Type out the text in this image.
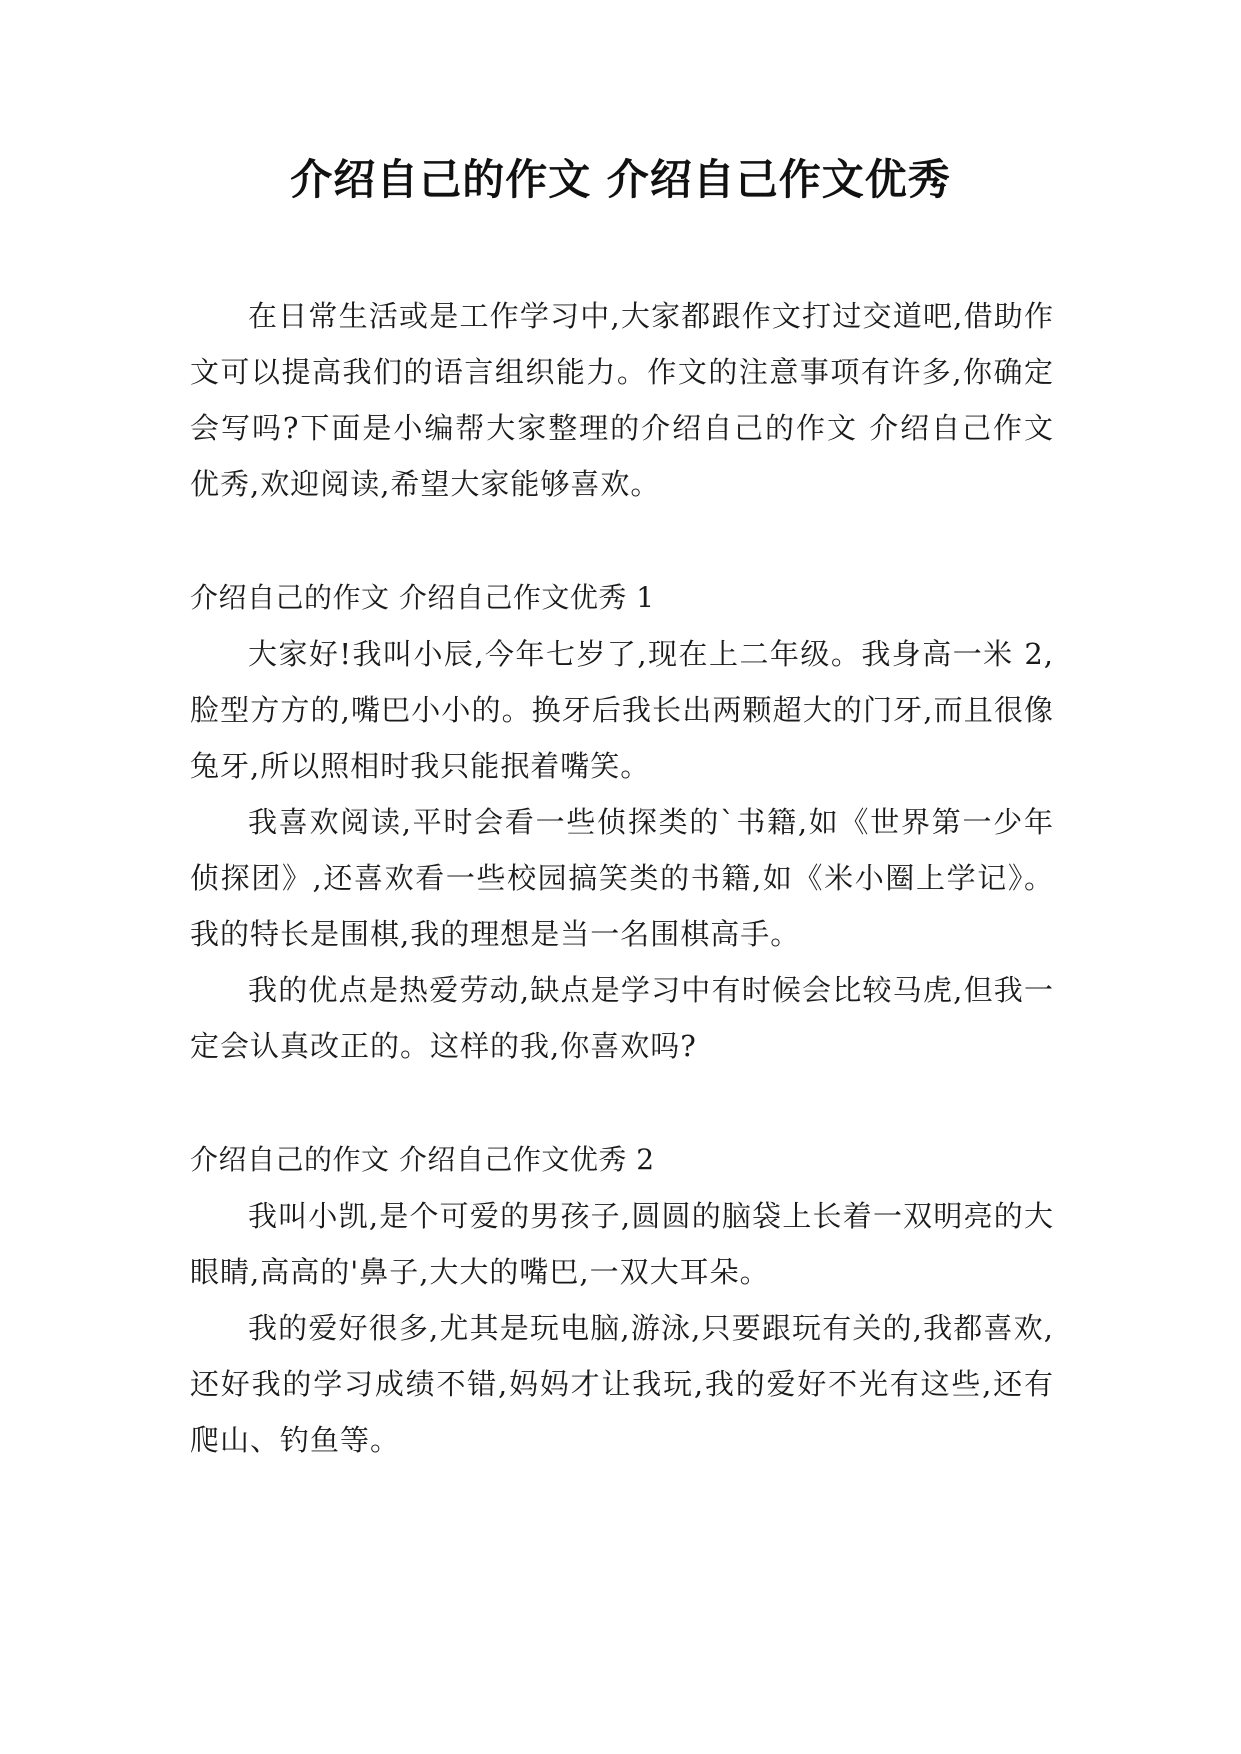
介绍自己的作文 介绍自己作文优秀

在日常生活或是工作学习中,大家都跟作文打过交道吧,借助作文可以提高我们的语言组织能力。作文的注意事项有许多,你确定会写吗?下面是小编帮大家整理的介绍自己的作文 介绍自己作文优秀,欢迎阅读,希望大家能够喜欢。

介绍自己的作文 介绍自己作文优秀 1

大家好!我叫小辰,今年七岁了,现在上二年级。我身高一米 2,脸型方方的,嘴巴小小的。换牙后我长出两颗超大的门牙,而且很像兔牙,所以照相时我只能抿着嘴笑。

我喜欢阅读,平时会看一些侦探类的`书籍,如《世界第一少年侦探团》,还喜欢看一些校园搞笑类的书籍,如《米小圈上学记》。我的特长是围棋,我的理想是当一名围棋高手。

我的优点是热爱劳动,缺点是学习中有时候会比较马虎,但我一定会认真改正的。这样的我,你喜欢吗?

介绍自己的作文 介绍自己作文优秀 2

我叫小凯,是个可爱的男孩子,圆圆的脑袋上长着一双明亮的大眼睛,高高的'鼻子,大大的嘴巴,一双大耳朵。

我的爱好很多,尤其是玩电脑,游泳,只要跟玩有关的,我都喜欢,还好我的学习成绩不错,妈妈才让我玩,我的爱好不光有这些,还有爬山、钓鱼等。
